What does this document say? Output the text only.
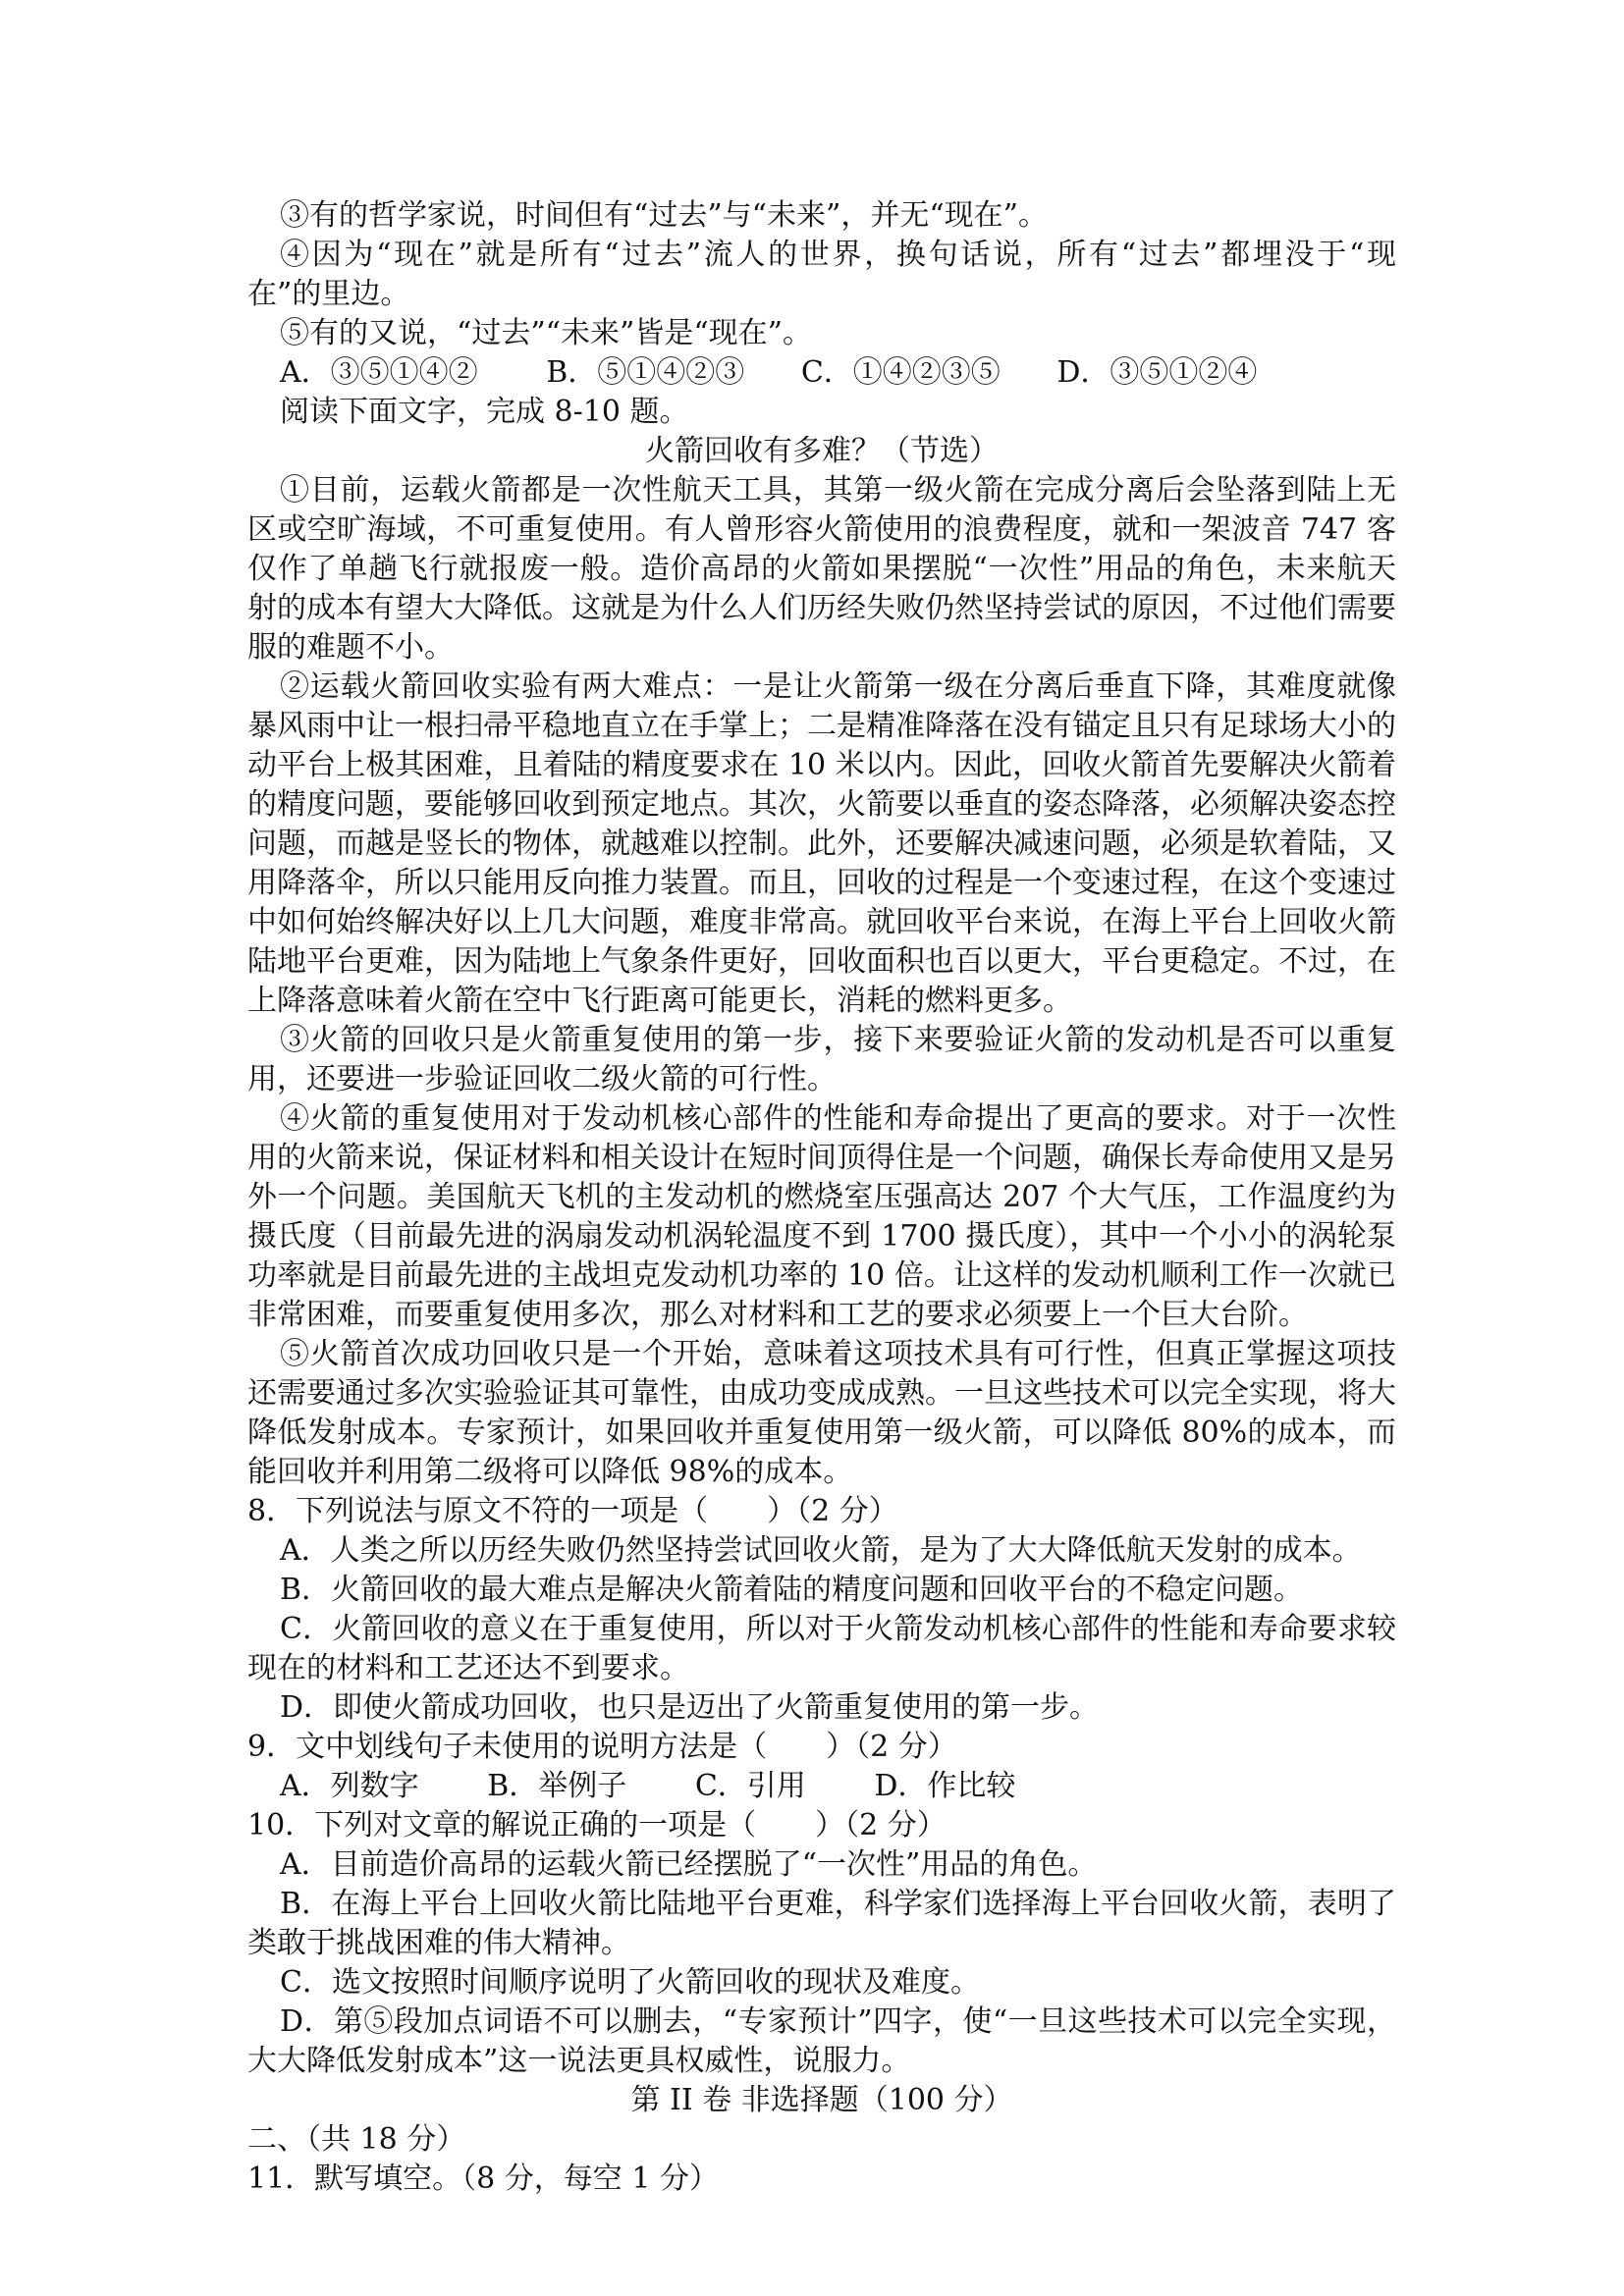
③有的哲学家说，时间但有“过去”与“未来”，并无“现在”。
④因为“现在”就是所有“过去”流人的世界，换句话说，所有“过去”都埋没于“现
在”的里边。
⑤有的又说，“过去”“未来”皆是“现在”。
A．③⑤①④② B．⑤①④②③ C．①④②③⑤ D．③⑤①②④
阅读下面文字，完成 8-10 题。
火箭回收有多难？（节选）
①目前，运载火箭都是一次性航天工具，其第一级火箭在完成分离后会坠落到陆上无
区或空旷海域，不可重复使用。有人曾形容火箭使用的浪费程度，就和一架波音 747 客
仅作了单趟飞行就报废一般。造价高昂的火箭如果摆脱“一次性”用品的角色，未来航天
射的成本有望大大降低。这就是为什么人们历经失败仍然坚持尝试的原因，不过他们需要
服的难题不小。
②运载火箭回收实验有两大难点：一是让火箭第一级在分离后垂直下降，其难度就像
暴风雨中让一根扫帚平稳地直立在手掌上；二是精准降落在没有锚定且只有足球场大小的
动平台上极其困难，且着陆的精度要求在 10 米以内。因此，回收火箭首先要解决火箭着
的精度问题，要能够回收到预定地点。其次，火箭要以垂直的姿态降落，必须解决姿态控
问题，而越是竖长的物体，就越难以控制。此外，还要解决减速问题，必须是软着陆，又
用降落伞，所以只能用反向推力装置。而且，回收的过程是一个变速过程，在这个变速过
中如何始终解决好以上几大问题，难度非常高。就回收平台来说，在海上平台上回收火箭
陆地平台更难，因为陆地上气象条件更好，回收面积也百以更大，平台更稳定。不过，在
上降落意味着火箭在空中飞行距离可能更长，消耗的燃料更多。
③火箭的回收只是火箭重复使用的第一步，接下来要验证火箭的发动机是否可以重复
用，还要进一步验证回收二级火箭的可行性。
④火箭的重复使用对于发动机核心部件的性能和寿命提出了更高的要求。对于一次性
用的火箭来说，保证材料和相关设计在短时间顶得住是一个问题，确保长寿命使用又是另
外一个问题。美国航天飞机的主发动机的燃烧室压强高达 207 个大气压，工作温度约为
摄氏度（目前最先进的涡扇发动机涡轮温度不到 1700 摄氏度），其中一个小小的涡轮泵
功率就是目前最先进的主战坦克发动机功率的 10 倍。让这样的发动机顺利工作一次就已
非常困难，而要重复使用多次，那么对材料和工艺的要求必须要上一个巨大台阶。
⑤火箭首次成功回收只是一个开始，意味着这项技术具有可行性，但真正掌握这项技
还需要通过多次实验验证其可靠性，由成功变成成熟。一旦这些技术可以完全实现，将大
降低发射成本。专家预计，如果回收并重复使用第一级火箭，可以降低 80%的成本，而
能回收并利用第二级将可以降低 98%的成本。
8．下列说法与原文不符的一项是（　　）（2 分）
A．人类之所以历经失败仍然坚持尝试回收火箭，是为了大大降低航天发射的成本。
B．火箭回收的最大难点是解决火箭着陆的精度问题和回收平台的不稳定问题。
C．火箭回收的意义在于重复使用，所以对于火箭发动机核心部件的性能和寿命要求较
现在的材料和工艺还达不到要求。
D．即使火箭成功回收，也只是迈出了火箭重复使用的第一步。
9．文中划线句子未使用的说明方法是（　　）（2 分）
A．列数字 B．举例子 C．引用 D．作比较
10．下列对文章的解说正确的一项是（　　）（2 分）
A．目前造价高昂的运载火箭已经摆脱了“一次性”用品的角色。
B．在海上平台上回收火箭比陆地平台更难，科学家们选择海上平台回收火箭，表明了
类敢于挑战困难的伟大精神。
C．选文按照时间顺序说明了火箭回收的现状及难度。
D．第⑤段加点词语不可以删去，“专家预计”四字，使“一旦这些技术可以完全实现，
大大降低发射成本”这一说法更具权威性，说服力。
第 II 卷 非选择题（100 分）
二、（共 18 分）
11．默写填空。（8 分，每空 1 分）
